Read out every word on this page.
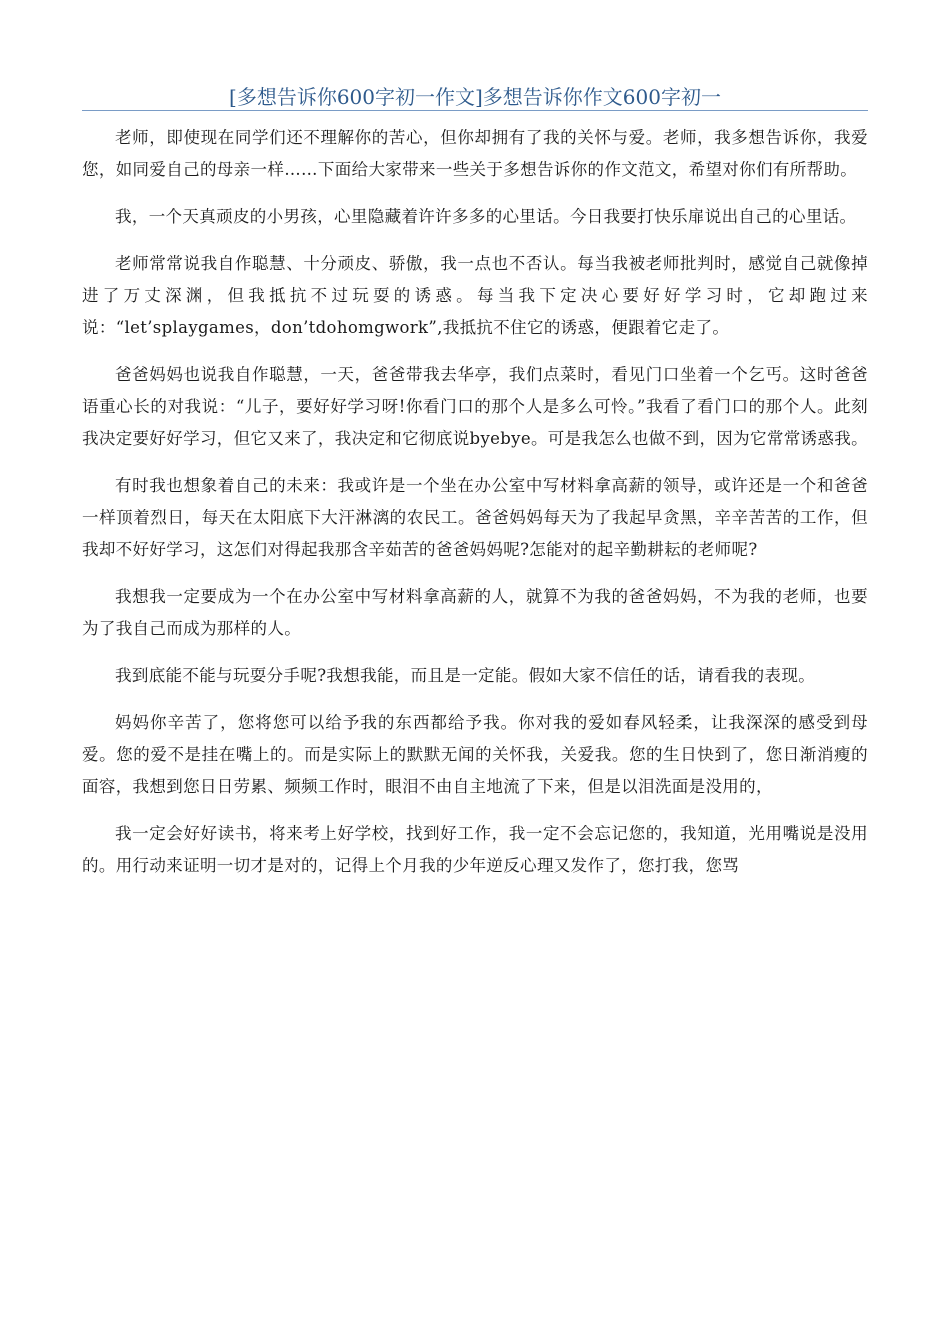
[多想告诉你600字初一作文]多想告诉你作文600字初一

老师，即使现在同学们还不理解你的苦心，但你却拥有了我的关怀与爱。老师，我多想告诉你，我爱您，如同爱自己的母亲一样……下面给大家带来一些关于多想告诉你的作文范文，希望对你们有所帮助。

我，一个天真顽皮的小男孩，心里隐藏着许许多多的心里话。今日我要打快乐扉说出自己的心里话。

老师常常说我自作聪慧、十分顽皮、骄傲，我一点也不否认。每当我被老师批判时，感觉自己就像掉进了万丈深渊，但我抵抗不过玩耍的诱惑。每当我下定决心要好好学习时，它却跑过来说：“let’splaygames，don’tdohomgwork”,我抵抗不住它的诱惑，便跟着它走了。

爸爸妈妈也说我自作聪慧，一天，爸爸带我去华亭，我们点菜时，看见门口坐着一个乞丐。这时爸爸语重心长的对我说：“儿子，要好好学习呀!你看门口的那个人是多么可怜。”我看了看门口的那个人。此刻我决定要好好学习，但它又来了，我决定和它彻底说byebye。可是我怎么也做不到，因为它常常诱惑我。

有时我也想象着自己的未来：我或许是一个坐在办公室中写材料拿高薪的领导，或许还是一个和爸爸一样顶着烈日，每天在太阳底下大汗淋漓的农民工。爸爸妈妈每天为了我起早贪黑，辛辛苦苦的工作，但我却不好好学习，这怎们对得起我那含辛茹苦的爸爸妈妈呢?怎能对的起辛勤耕耘的老师呢?

我想我一定要成为一个在办公室中写材料拿高薪的人，就算不为我的爸爸妈妈，不为我的老师，也要为了我自己而成为那样的人。

我到底能不能与玩耍分手呢?我想我能，而且是一定能。假如大家不信任的话，请看我的表现。

妈妈你辛苦了，您将您可以给予我的东西都给予我。你对我的爱如春风轻柔，让我深深的感受到母爱。您的爱不是挂在嘴上的。而是实际上的默默无闻的关怀我，关爱我。您的生日快到了，您日渐消瘦的面容，我想到您日日劳累、频频工作时，眼泪不由自主地流了下来，但是以泪洗面是没用的，

我一定会好好读书，将来考上好学校，找到好工作，我一定不会忘记您的，我知道，光用嘴说是没用的。用行动来证明一切才是对的，记得上个月我的少年逆反心理又发作了，您打我，您骂
